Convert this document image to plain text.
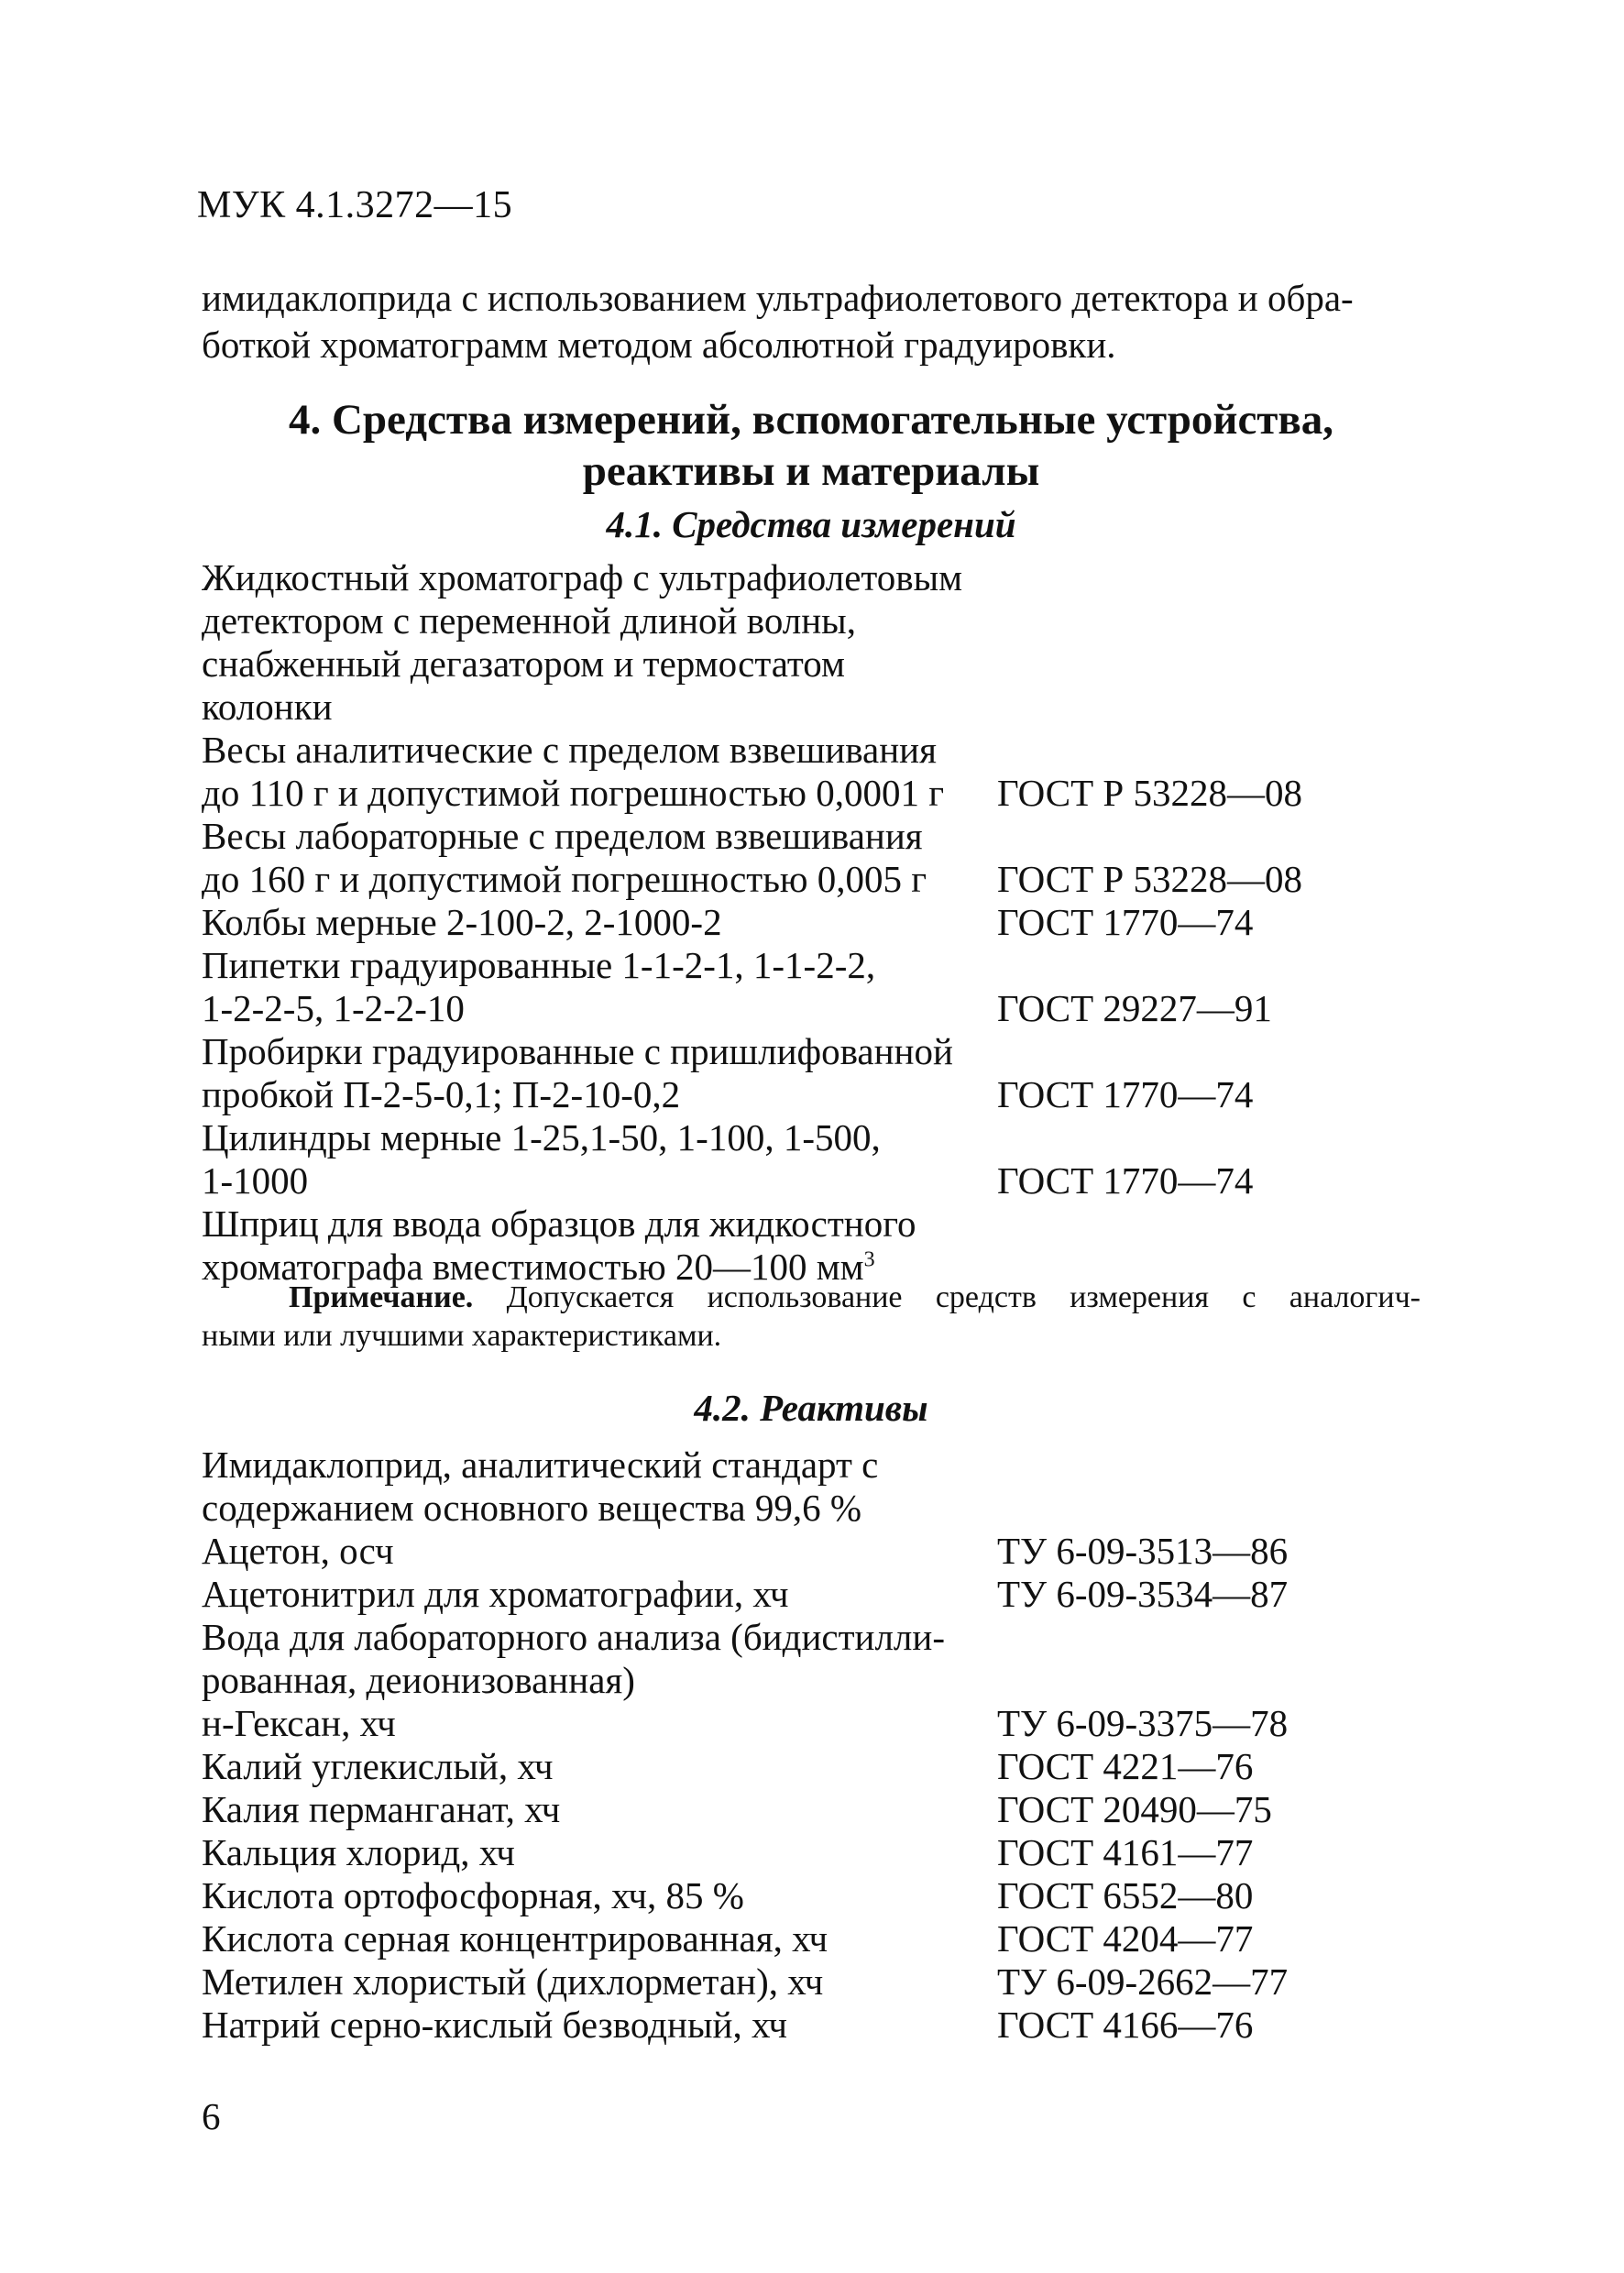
МУК 4.1.3272—15
имидаклоприда с использованием ультрафиолетового детектора и обра-
боткой хроматограмм методом абсолютной градуировки.
4. Средства измерений, вспомогательные устройства,
реактивы и материалы
4.1. Средства измерений
Жидкостный хроматограф с ультрафиолетовым
детектором с переменной длиной волны,
снабженный дегазатором и термостатом
колонки
Весы аналитические с пределом взвешивания
до 110 г и допустимой погрешностью 0,0001 г ГОСТ Р 53228—08
Весы лабораторные с пределом взвешивания
до 160 г и допустимой погрешностью 0,005 г ГОСТ Р 53228—08
Колбы мерные 2-100-2, 2-1000-2	ГОСТ 1770—74
Пипетки градуированные 1-1-2-1, 1-1-2-2,
1-2-2-5, 1-2-2-10	ГОСТ 29227—91
Пробирки градуированные с пришлифованной
пробкой П-2-5-0,1; П-2-10-0,2	ГОСТ 1770—74
Цилиндры мерные 1-25,1-50, 1-100, 1-500,
1-1000	ГОСТ 1770—74
Шприц для ввода образцов для жидкостного
хроматографа вместимостью 20—100 $мм^3$
Примечание. Допускается использование средств измерения с аналогич-
ными или лучшими характеристиками.
4.2. Реактивы
Имидаклоприд, аналитический стандарт с
содержанием основного вещества 99,6 %
Ацетон, осч	ТУ 6-09-3513—86
Ацетонитрил для хроматографии, хч	ТУ 6-09-3534—87
Вода для лабораторного анализа (бидистилли-
рованная, деионизованная)
н-Гексан, хч	ТУ 6-09-3375—78
Калий углекислый, хч	ГОСТ 4221—76
Калия перманганат, хч	ГОСТ 20490—75
Кальция хлорид, хч	ГОСТ 4161—77
Кислота ортофосфорная, хч, 85 %	ГОСТ 6552—80
Кислота серная концентрированная, хч	ГОСТ 4204—77
Метилен хлористый (дихлорметан), хч	ТУ 6-09-2662—77
Натрий серно-кислый безводный, хч	ГОСТ 4166—76
6
